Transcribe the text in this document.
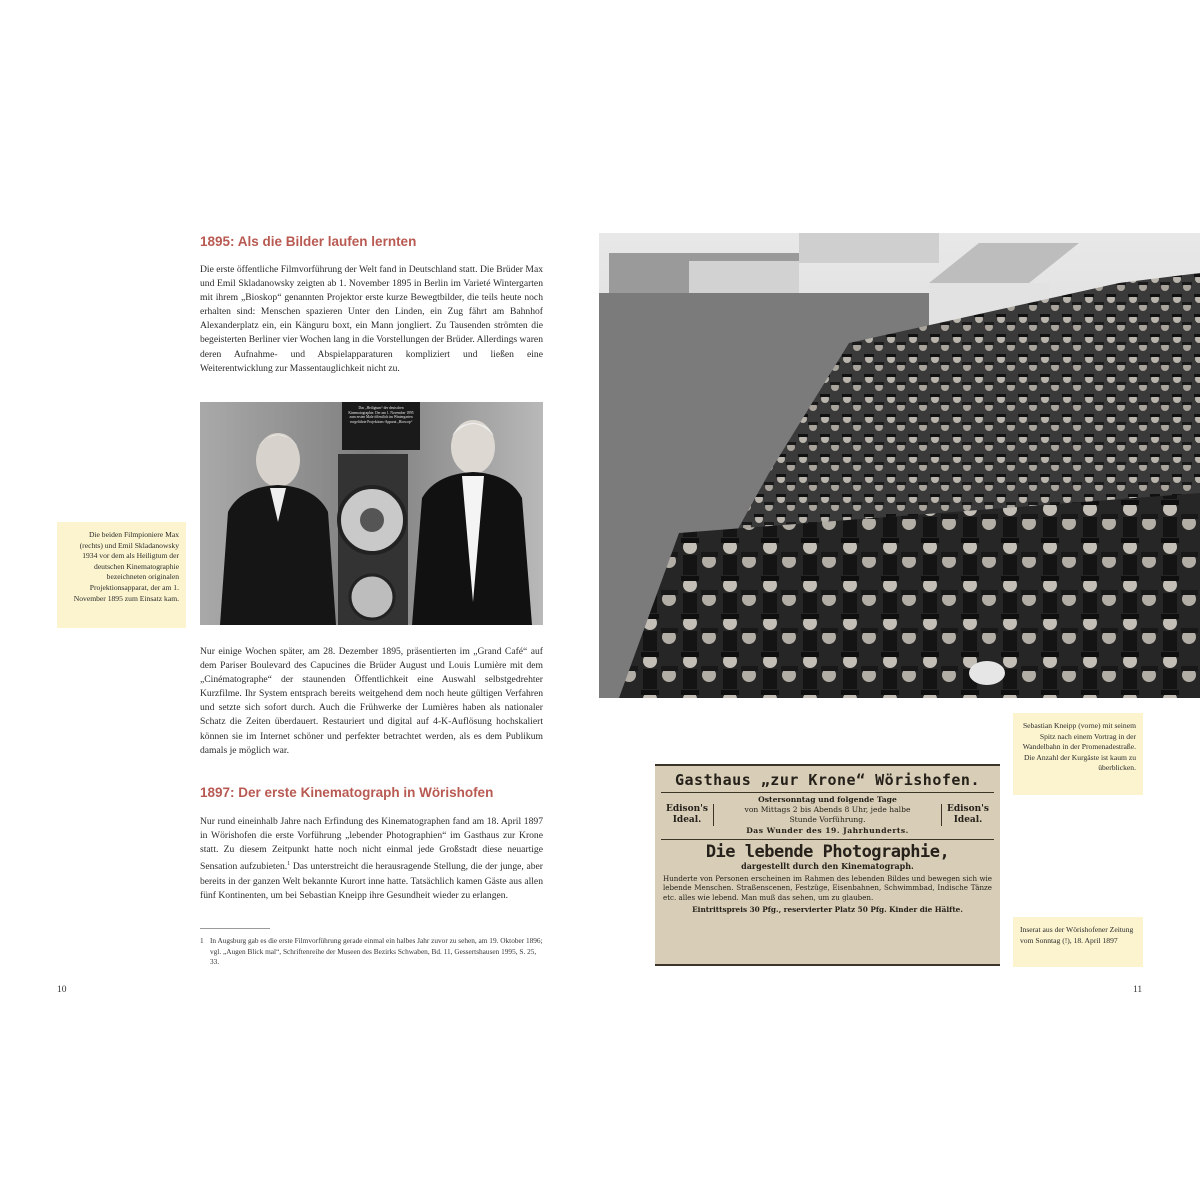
1895: Als die Bilder laufen lernten

Die erste öffentliche Filmvorführung der Welt fand in Deutschland statt. Die Brüder Max und Emil Skladanowsky zeigten ab 1. November 1895 in Berlin im Varieté Wintergarten mit ihrem „Bioskop“ genannten Projektor erste kurze Bewegtbilder, die teils heute noch erhalten sind: Menschen spazieren Unter den Linden, ein Zug fährt am Bahnhof Alexanderplatz ein, ein Känguru boxt, ein Mann jongliert. Zu Tausenden strömten die begeisterten Berliner vier Wochen lang in die Vorstellungen der Brüder. Allerdings waren deren Aufnahme- und Abspielapparaturen kompliziert und ließen eine Weiterentwicklung zur Massentauglichkeit nicht zu.

Das „Heiligtum“ der deutschen Kinematographie. Der am 1. November 1895 zum ersten Male öffentlich im Wintergarten vorgeführte Projektions-Apparat „Bioscop“
Die beiden Filmpioniere Max (rechts) und Emil Skladanowsky 1934 vor dem als Heiligtum der deutschen Kinematographie bezeichneten originalen Projektionsapparat, der am 1. November 1895 zum Einsatz kam.

Nur einige Wochen später, am 28. Dezember 1895, präsentierten im „Grand Café“ auf dem Pariser Boulevard des Capucines die Brüder August und Louis Lumière mit dem „Cinématographe“ der staunenden Öffentlichkeit eine Auswahl selbstgedrehter Kurzfilme. Ihr System entsprach bereits weitgehend dem noch heute gültigen Verfahren und setzte sich sofort durch. Auch die Frühwerke der Lumières haben als nationaler Schatz die Zeiten überdauert. Restauriert und digital auf 4-K-Auflösung hochskaliert können sie im Internet schöner und perfekter betrachtet werden, als es dem Publikum damals je möglich war.

1897: Der erste Kinematograph in Wörishofen

Nur rund eineinhalb Jahre nach Erfindung des Kinematographen fand am 18. April 1897 in Wörishofen die erste Vorführung „lebender Photographien“ im Gasthaus zur Krone statt. Zu diesem Zeitpunkt hatte noch nicht einmal jede Großstadt diese neuartige Sensation aufzubieten.$^1$ Das unterstreicht die herausragende Stellung, die der junge, aber bereits in der ganzen Welt bekannte Kurort inne hatte. Tatsächlich kamen Gäste aus allen fünf Kontinenten, um bei Sebastian Kneipp ihre Gesundheit wieder zu erlangen.

1 In Augsburg gab es die erste Filmvorführung gerade einmal ein halbes Jahr zuvor zu sehen, am 19. Oktober 1896; vgl. „Augen Blick mal“, Schriftenreihe der Museen des Bezirks Schwaben, Bd. 11, Gessertshausen 1995, S. 25, 33.
10
Sebastian Kneipp (vorne) mit seinem Spitz nach einem Vortrag in der Wandelbahn in der Promenadestraße. Die Anzahl der Kurgäste ist kaum zu überblicken.
Gasthaus „zur Krone“ Wörishofen.
Edison's Ideal.
Ostersonntag und folgende Tage
von Mittags 2 bis Abends 8 Uhr, jede halbe
Stunde Vorführung.
Das Wunder des 19. Jahrhunderts.
Edison's Ideal.
Die lebende Photographie,
dargestellt durch den Kinematograph.
Hunderte von Personen erscheinen im Rahmen des lebenden Bildes und bewegen sich wie lebende Menschen. Straßenscenen, Festzüge, Eisenbahnen, Schwimmbad, Indische Tänze etc. alles wie lebend. Man muß das sehen, um zu glauben.
Eintrittspreis 30 Pfg., reservierter Platz 50 Pfg. Kinder die Hälfte.
Inserat aus der Wörishofener Zeitung vom Sonntag (!), 18. April 1897
11
